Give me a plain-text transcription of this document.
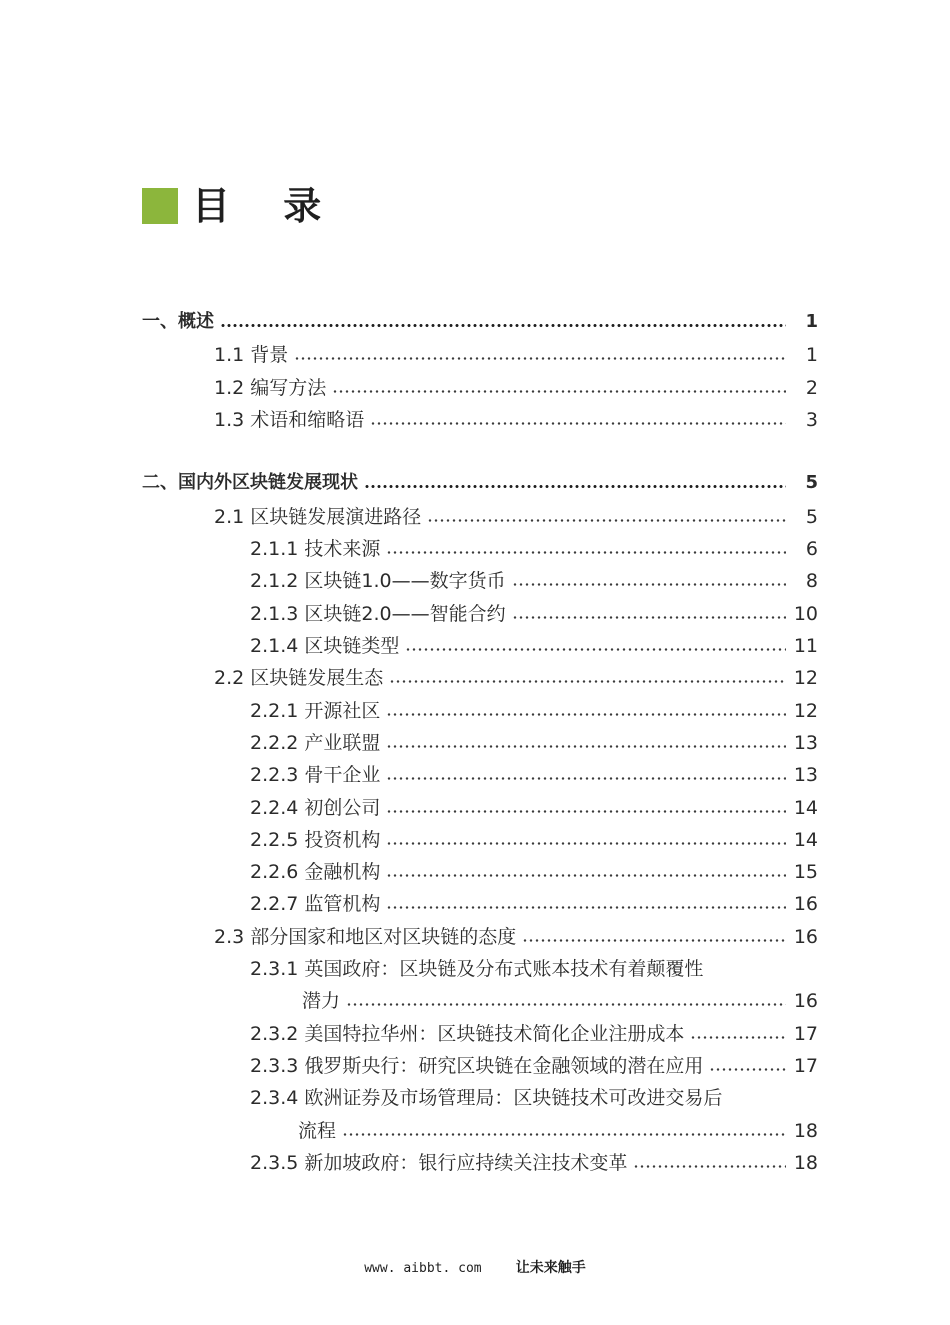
目 录
一、概述	1
1.1 背景	1
1.2 编写方法	2
1.3 术语和缩略语	3
二、国内外区块链发展现状	5
2.1 区块链发展演进路径	5
2.1.1 技术来源	6
2.1.2 区块链1.0——数字货币	8
2.1.3 区块链2.0——智能合约	10
2.1.4 区块链类型	11
2.2 区块链发展生态	12
2.2.1 开源社区	12
2.2.2 产业联盟	13
2.2.3 骨干企业	13
2.2.4 初创公司	14
2.2.5 投资机构	14
2.2.6 金融机构	15
2.2.7 监管机构	16
2.3 部分国家和地区对区块链的态度	16
2.3.1 英国政府：区块链及分布式账本技术有着颠覆性
潜力	16
2.3.2 美国特拉华州：区块链技术简化企业注册成本	17
2.3.3 俄罗斯央行：研究区块链在金融领域的潜在应用	17
2.3.4 欧洲证券及市场管理局：区块链技术可改进交易后
流程	18
2.3.5 新加坡政府：银行应持续关注技术变革	18
www. aibbt. com 让未来触手
